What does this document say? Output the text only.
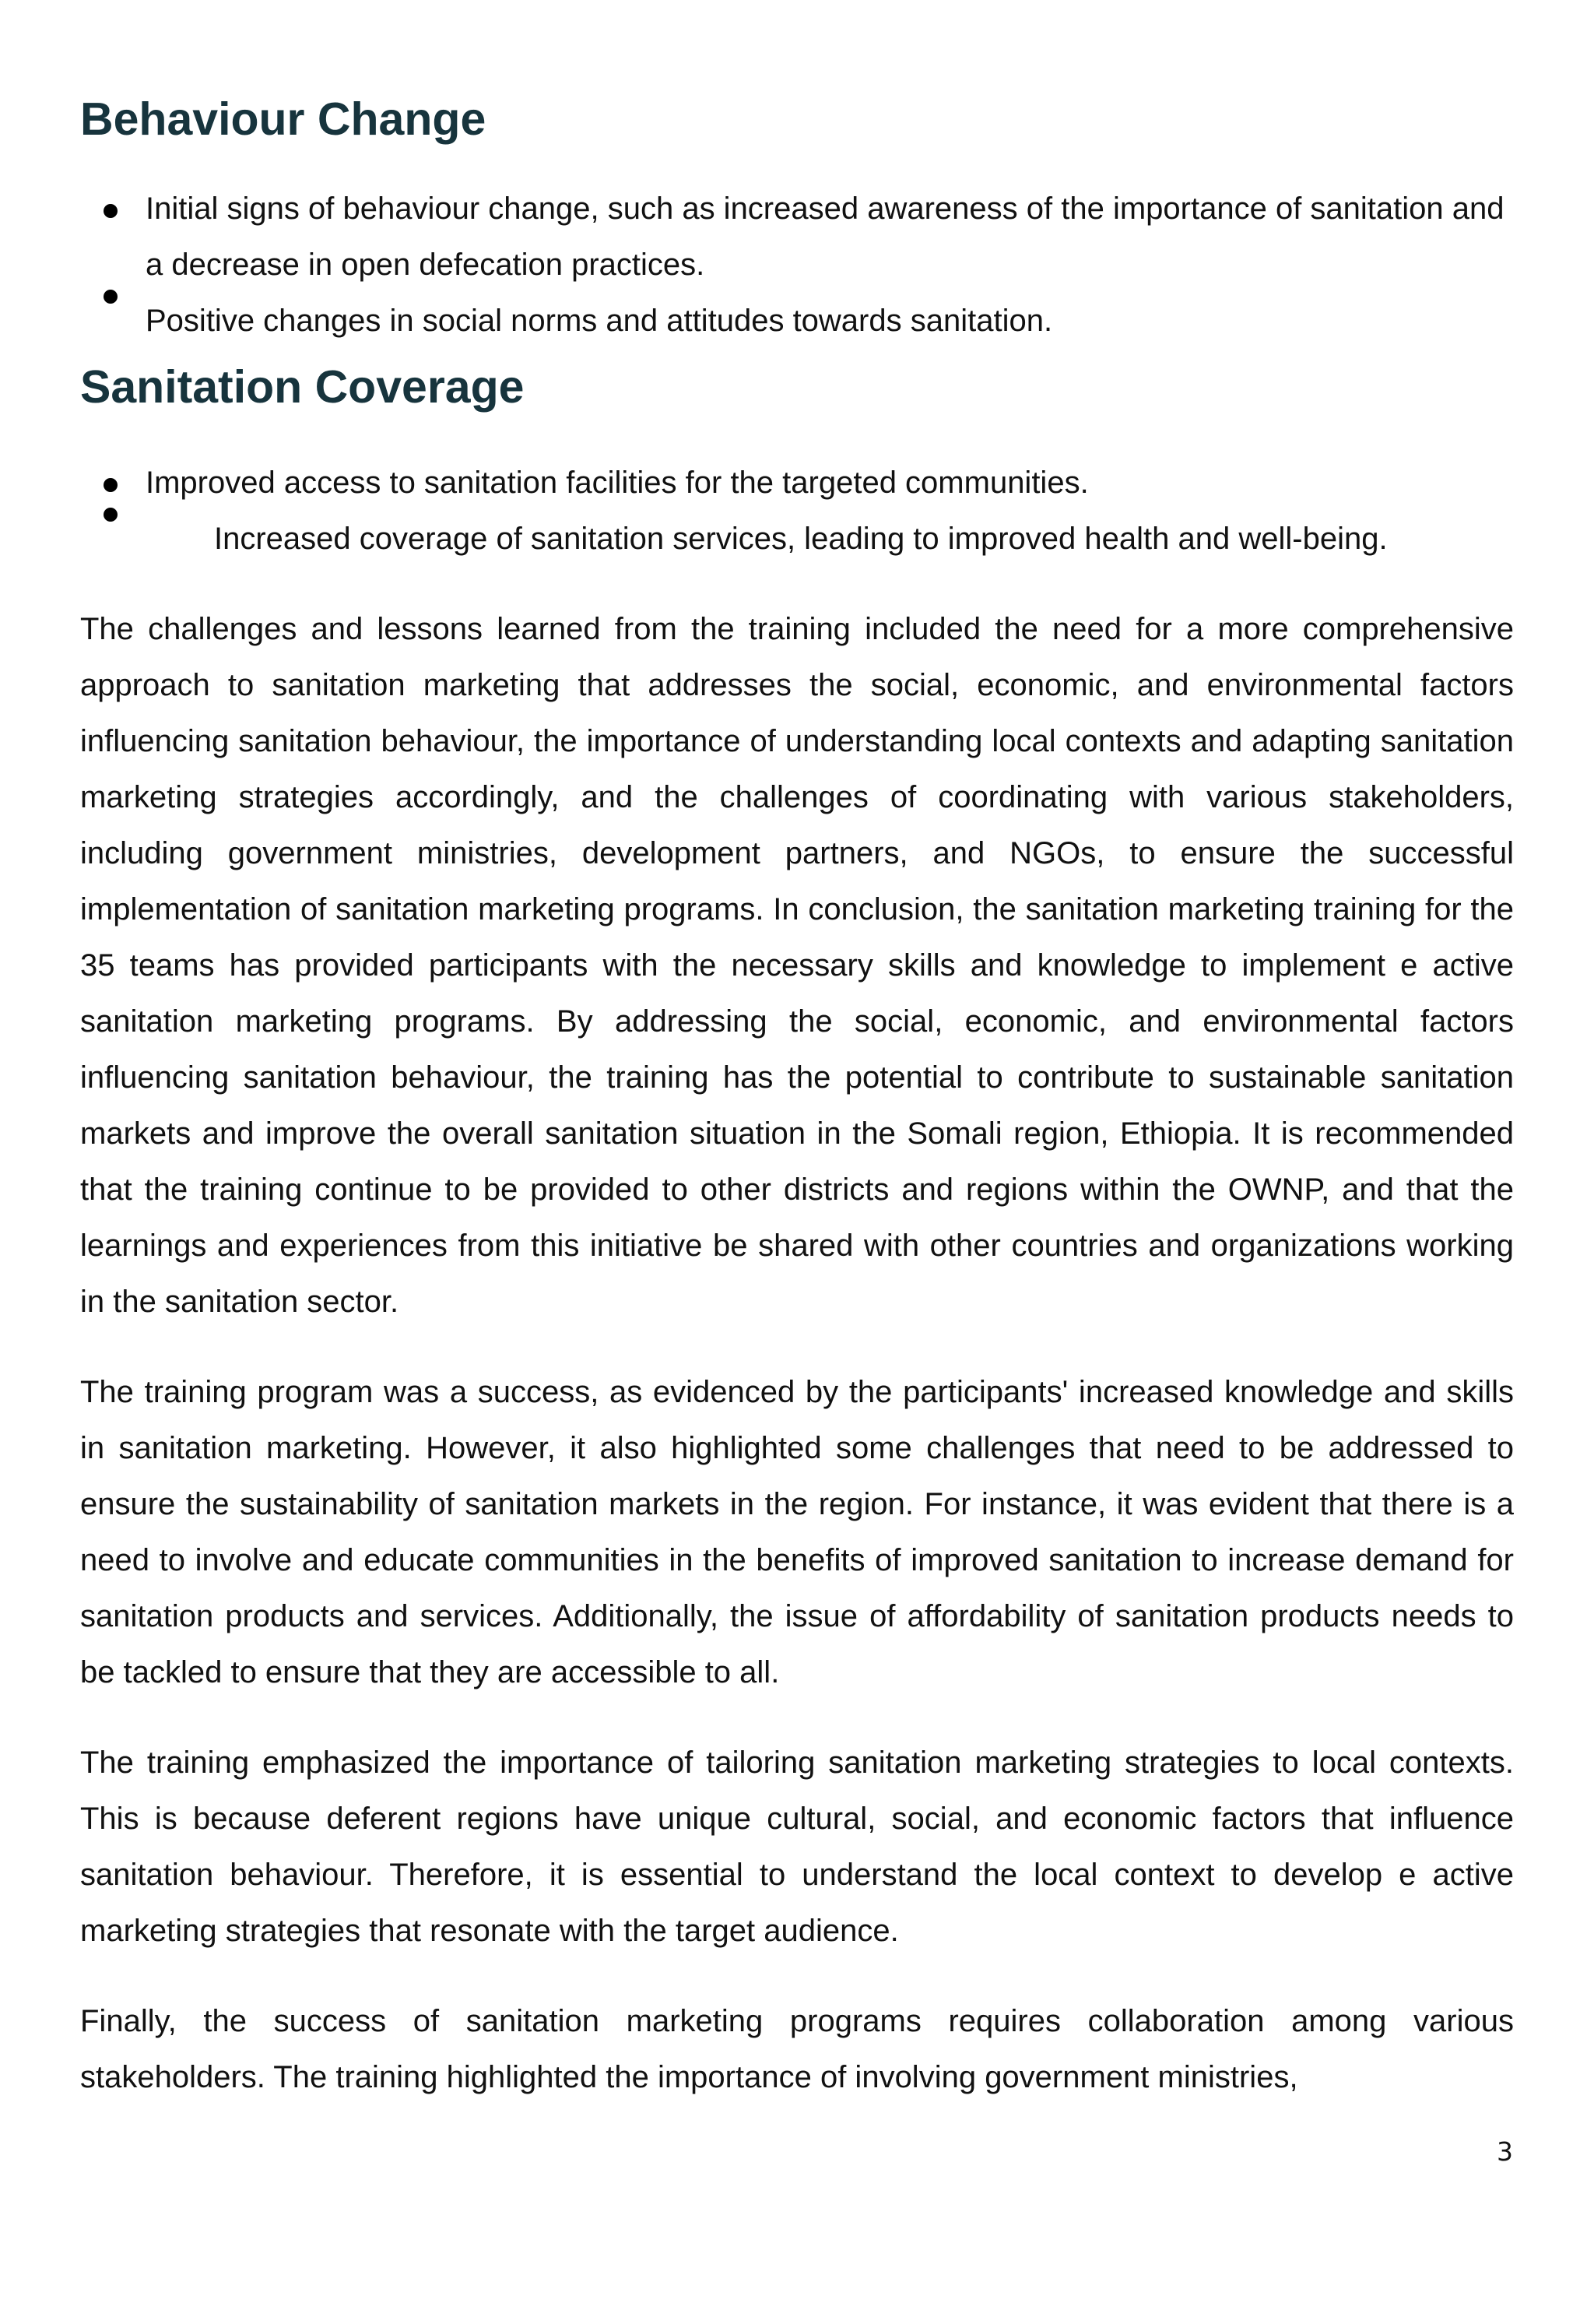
Behaviour Change
Initial signs of behaviour change, such as increased awareness of the importance of sanitation and a decrease in open defecation practices.
Positive changes in social norms and attitudes towards sanitation.
Sanitation Coverage
Improved access to sanitation facilities for the targeted communities.
Increased coverage of sanitation services, leading to improved health and well-being.

The challenges and lessons learned from the training included the need for a more comprehensive approach to sanitation marketing that addresses the social, economic, and environmental factors influencing sanitation behaviour, the importance of understanding local contexts and adapting sanitation marketing strategies accordingly, and the challenges of coordinating with various stakeholders, including government ministries, development partners, and NGOs, to ensure the successful implementation of sanitation marketing programs. In conclusion, the sanitation marketing training for the 35 teams has provided participants with the necessary skills and knowledge to implement e active sanitation marketing programs. By addressing the social, economic, and environmental factors influencing sanitation behaviour, the training has the potential to contribute to sustainable sanitation markets and improve the overall sanitation situation in the Somali region, Ethiopia. It is recommended that the training continue to be provided to other districts and regions within the OWNP, and that the learnings and experiences from this initiative be shared with other countries and organizations working in the sanitation sector.

The training program was a success, as evidenced by the participants' increased knowledge and skills in sanitation marketing. However, it also highlighted some challenges that need to be addressed to ensure the sustainability of sanitation markets in the region. For instance, it was evident that there is a need to involve and educate communities in the benefits of improved sanitation to increase demand for sanitation products and services. Additionally, the issue of affordability of sanitation products needs to be tackled to ensure that they are accessible to all.

The training emphasized the importance of tailoring sanitation marketing strategies to local contexts. This is because deferent regions have unique cultural, social, and economic factors that influence sanitation behaviour. Therefore, it is essential to understand the local context to develop e active marketing strategies that resonate with the target audience.

Finally, the success of sanitation marketing programs requires collaboration among various stakeholders. The training highlighted the importance of involving government ministries,

3
